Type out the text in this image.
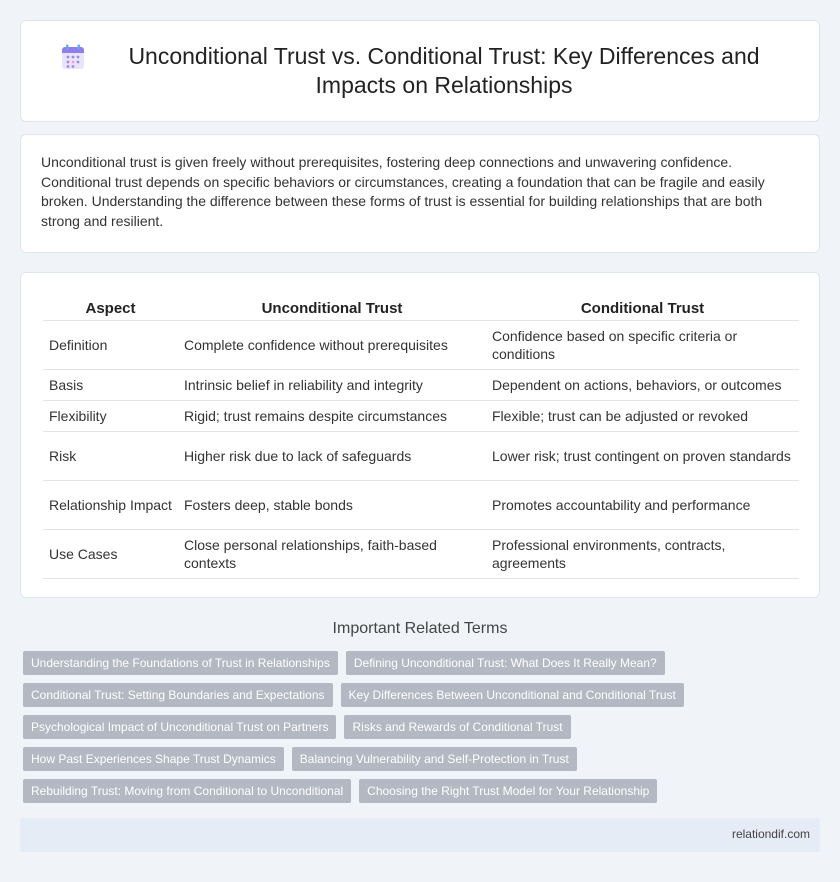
Unconditional Trust vs. Conditional Trust: Key Differences and Impacts on Relationships

Unconditional trust is given freely without prerequisites, fostering deep connections and unwavering confidence. Conditional trust depends on specific behaviors or circumstances, creating a foundation that can be fragile and easily broken. Understanding the difference between these forms of trust is essential for building relationships that are both strong and resilient.

Aspect	Unconditional Trust	Conditional Trust
Definition	Complete confidence without prerequisites	Confidence based on specific criteria or conditions
Basis	Intrinsic belief in reliability and integrity	Dependent on actions, behaviors, or outcomes
Flexibility	Rigid; trust remains despite circumstances	Flexible; trust can be adjusted or revoked
Risk	Higher risk due to lack of safeguards	Lower risk; trust contingent on proven standards
Relationship Impact	Fosters deep, stable bonds	Promotes accountability and performance
Use Cases	Close personal relationships, faith-based contexts	Professional environments, contracts, agreements
Important Related Terms
Understanding the Foundations of Trust in Relationships	Defining Unconditional Trust: What Does It Really Mean?
Conditional Trust: Setting Boundaries and Expectations	Key Differences Between Unconditional and Conditional Trust
Psychological Impact of Unconditional Trust on Partners	Risks and Rewards of Conditional Trust
How Past Experiences Shape Trust Dynamics	Balancing Vulnerability and Self-Protection in Trust
Rebuilding Trust: Moving from Conditional to Unconditional	Choosing the Right Trust Model for Your Relationship
relationdif.com
